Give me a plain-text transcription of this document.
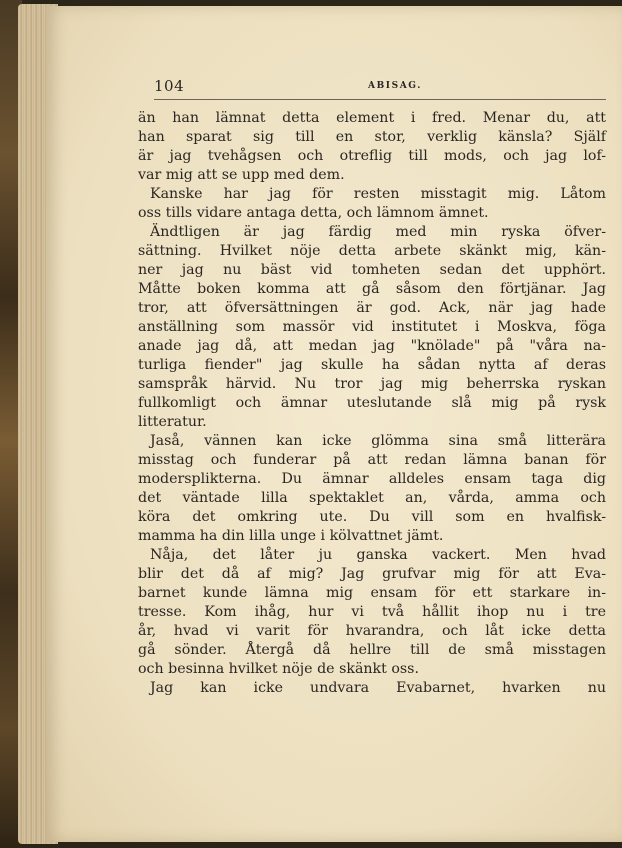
104	ABISAG.
än han lämnat detta element i fred. Menar du, att
han sparat sig till en stor, verklig känsla? Själf
är jag tvehågsen och otreflig till mods, och jag lof-
var mig att se upp med dem.
Kanske har jag för resten misstagit mig. Låtom
oss tills vidare antaga detta, och lämnom ämnet.
Ändtligen är jag färdig med min ryska öfver-
sättning. Hvilket nöje detta arbete skänkt mig, kän-
ner jag nu bäst vid tomheten sedan det upphört.
Måtte boken komma att gå såsom den förtjänar. Jag
tror, att öfversättningen är god. Ack, när jag hade
anställning som massör vid institutet i Moskva, föga
anade jag då, att medan jag "knölade" på "våra na-
turliga fiender" jag skulle ha sådan nytta af deras
samspråk härvid. Nu tror jag mig beherrska ryskan
fullkomligt och ämnar uteslutande slå mig på rysk
litteratur.
Jaså, vännen kan icke glömma sina små litterära
misstag och funderar på att redan lämna banan för
modersplikterna. Du ämnar alldeles ensam taga dig
det väntade lilla spektaklet an, vårda, amma och
köra det omkring ute. Du vill som en hvalfisk-
mamma ha din lilla unge i kölvattnet jämt.
Nåja, det låter ju ganska vackert. Men hvad
blir det då af mig? Jag grufvar mig för att Eva-
barnet kunde lämna mig ensam för ett starkare in-
tresse. Kom ihåg, hur vi två hållit ihop nu i tre
år, hvad vi varit för hvarandra, och låt icke detta
gå sönder. Återgå då hellre till de små misstagen
och besinna hvilket nöje de skänkt oss.
Jag kan icke undvara Evabarnet, hvarken nu
